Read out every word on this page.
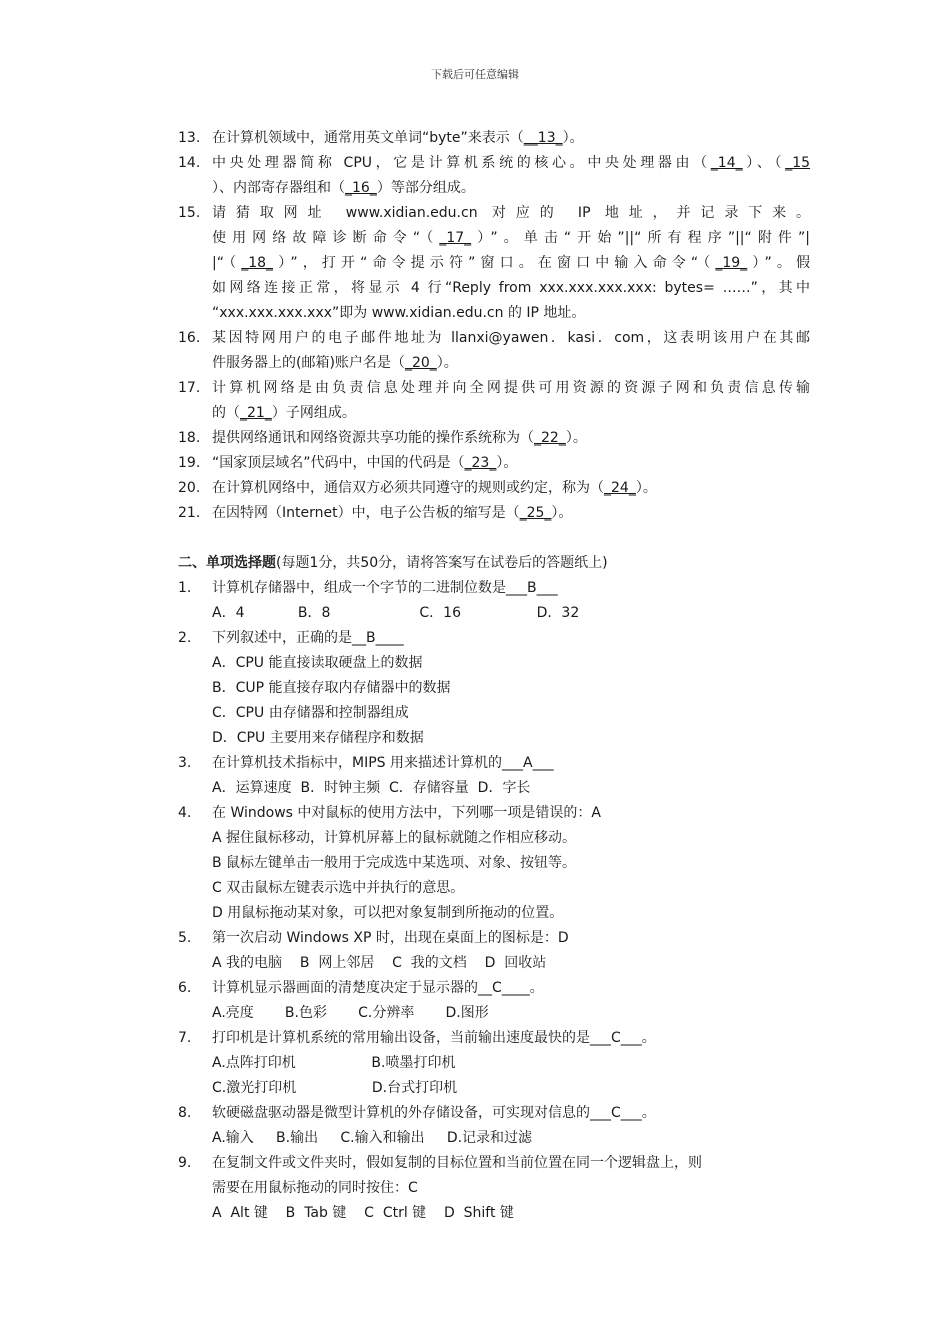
下载后可任意编辑
13. 在计算机领域中，通常用英文单词“byte”来表示（__13_）。
14. 中央处理器简称 CPU，它是计算机系统的核心。中央处理器由（_14_）、（_15
）、内部寄存器组和（_16_）等部分组成。
15. 请猜取网址 www.xidian.edu.cn 对应的 IP 地址，并记录下来。
使用网络故障诊断命令“（_17_）”。单击“开始”||“所有程序”||“附件”|
|“（_18_）”，打开“命令提示符”窗口。在窗口中输入命令“（_19_）”。假
如网络连接正常，将显示 4 行“Reply from xxx.xxx.xxx.xxx: bytes= ……”，其中
“xxx.xxx.xxx.xxx”即为 www.xidian.edu.cn 的 IP 地址。
16. 某因特网用户的电子邮件地址为 llanxi@yawen．kasi．com，这表明该用户在其邮
件服务器上的(邮箱)账户名是（_20_）。
17. 计算机网络是由负责信息处理并向全网提供可用资源的资源子网和负责信息传输
的（_21_）子网组成。
18. 提供网络通讯和网络资源共享功能的操作系统称为（_22_）。
19. “国家顶层域名”代码中，中国的代码是（_23_）。
20. 在计算机网络中，通信双方必须共同遵守的规则或约定，称为（_24_）。
21. 在因特网（Internet）中，电子公告板的缩写是（_25_）。
二、单项选择题(每题1分，共50分，请将答案写在试卷后的答题纸上)
1. 计算机存储器中，组成一个字节的二进制位数是___B___
A．4            B．8                    C．16                 D．32
2. 下列叙述中，正确的是__B____
A．CPU 能直接读取硬盘上的数据
B．CUP 能直接存取内存储器中的数据
C．CPU 由存储器和控制器组成
D．CPU 主要用来存储程序和数据
3. 在计算机技术指标中，MIPS 用来描述计算机的___A___
A．运算速度  B．时钟主频  C．存储容量  D．字长
4. 在 Windows 中对鼠标的使用方法中，下列哪一项是错误的：A
A 握住鼠标移动，计算机屏幕上的鼠标就随之作相应移动。
B 鼠标左键单击一般用于完成选中某选项、对象、按钮等。
C 双击鼠标左键表示选中并执行的意思。
D 用鼠标拖动某对象，可以把对象复制到所拖动的位置。
5. 第一次启动 Windows XP 时，出现在桌面上的图标是：D
A 我的电脑    B  网上邻居    C  我的文档    D  回收站
6. 计算机显示器画面的清楚度决定于显示器的__C____。
A.亮度       B.色彩       C.分辨率       D.图形
7. 打印机是计算机系统的常用输出设备，当前输出速度最快的是___C___。
A.点阵打印机                 B.喷墨打印机
C.激光打印机                 D.台式打印机
8. 软硬磁盘驱动器是微型计算机的外存储设备，可实现对信息的___C___。
A.输入     B.输出     C.输入和输出     D.记录和过滤
9. 在复制文件或文件夹时，假如复制的目标位置和当前位置在同一个逻辑盘上，则
需要在用鼠标拖动的同时按住：C
A  Alt 键    B  Tab 键    C  Ctrl 键    D  Shift 键
